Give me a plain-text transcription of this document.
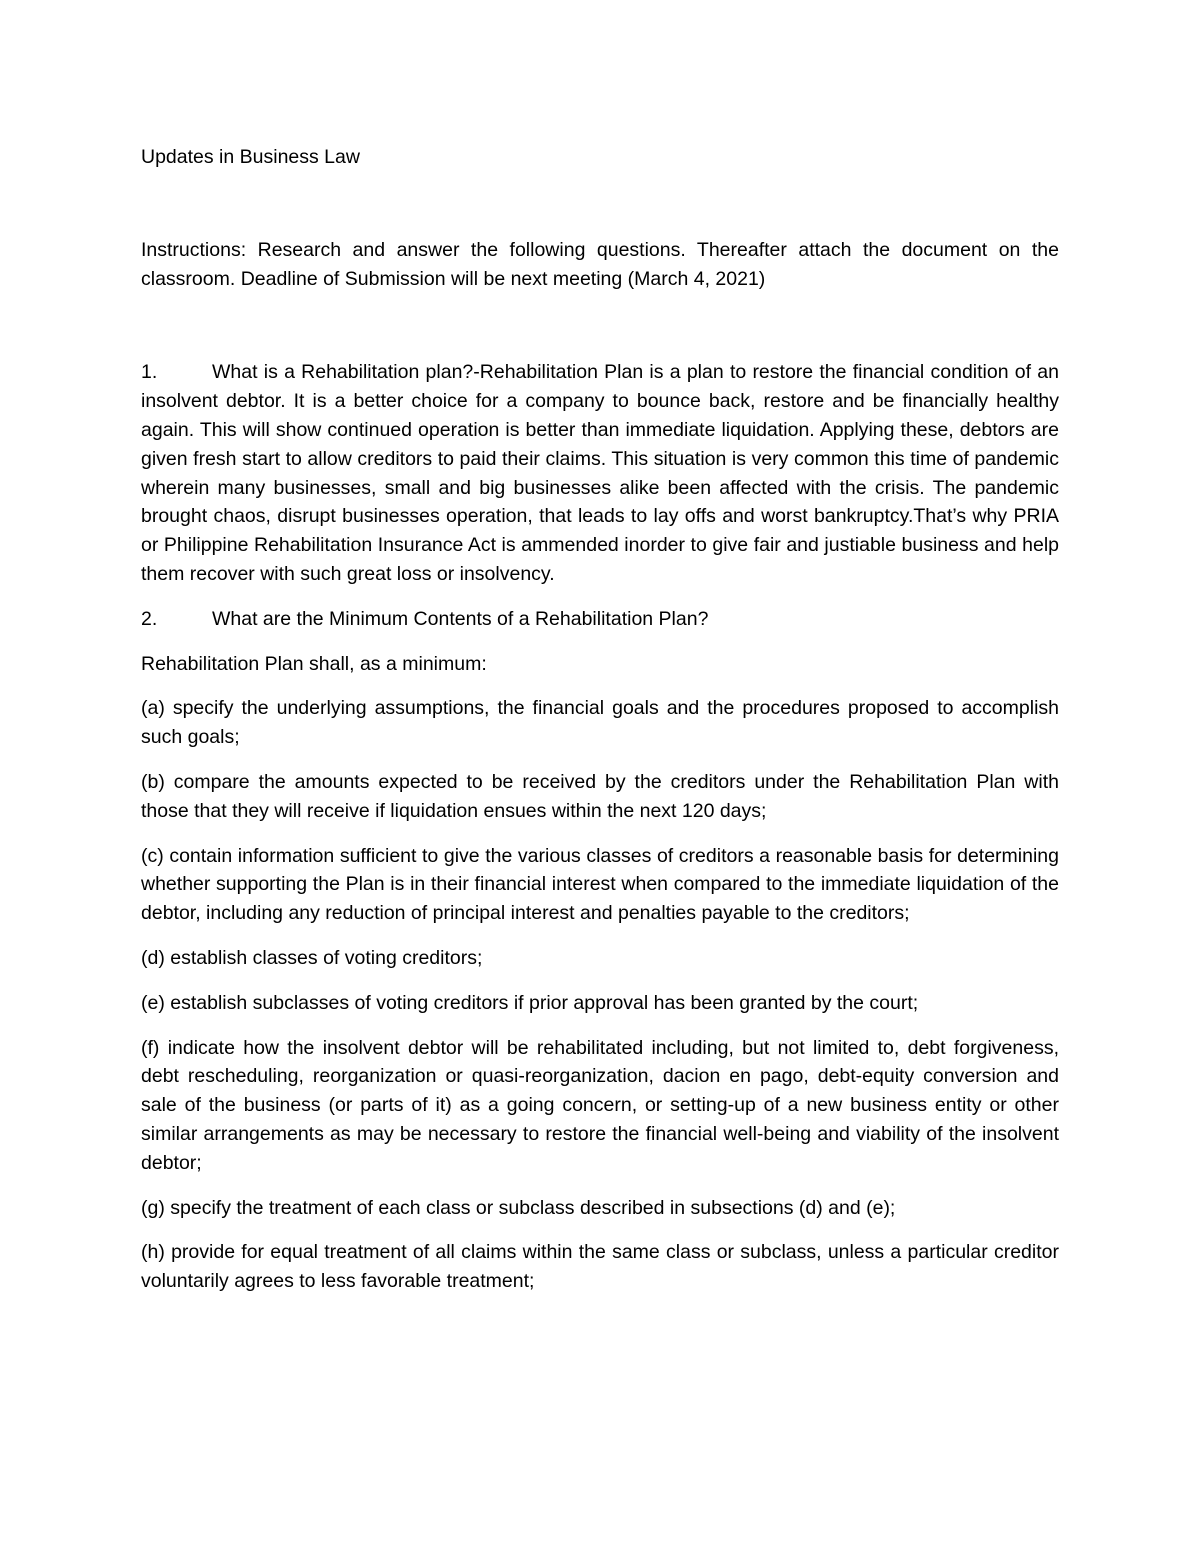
Updates in Business Law

Instructions: Research and answer the following questions. Thereafter attach the document on the classroom. Deadline of Submission will be next meeting (March 4, 2021)

1.	What is a Rehabilitation plan?-Rehabilitation Plan is a plan to restore the financial condition of an insolvent debtor. It is a better choice for a company to bounce back, restore and be financially healthy again. This will show continued operation is better than immediate liquidation. Applying these, debtors are given fresh start to allow creditors to paid their claims. This situation is very common this time of pandemic wherein many businesses, small and big businesses alike been affected with the crisis. The pandemic brought chaos, disrupt businesses operation, that leads to lay offs and worst bankruptcy.That’s why PRIA or Philippine Rehabilitation Insurance Act is ammended inorder to give fair and justiable business and help them recover with such great loss or insolvency.

2.	What are the Minimum Contents of a Rehabilitation Plan?

Rehabilitation Plan shall, as a minimum:

(a) specify the underlying assumptions, the financial goals and the procedures proposed to accomplish such goals;

(b) compare the amounts expected to be received by the creditors under the Rehabilitation Plan with those that they will receive if liquidation ensues within the next 120 days;

(c) contain information sufficient to give the various classes of creditors a reasonable basis for determining whether supporting the Plan is in their financial interest when compared to the immediate liquidation of the debtor, including any reduction of principal interest and penalties payable to the creditors;

(d) establish classes of voting creditors;

(e) establish subclasses of voting creditors if prior approval has been granted by the court;

(f) indicate how the insolvent debtor will be rehabilitated including, but not limited to, debt forgiveness, debt rescheduling, reorganization or quasi-reorganization, dacion en pago, debt-equity conversion and sale of the business (or parts of it) as a going concern, or setting-up of a new business entity or other similar arrangements as may be necessary to restore the financial well-being and viability of the insolvent debtor;

(g) specify the treatment of each class or subclass described in subsections (d) and (e);

(h) provide for equal treatment of all claims within the same class or subclass, unless a particular creditor voluntarily agrees to less favorable treatment;
